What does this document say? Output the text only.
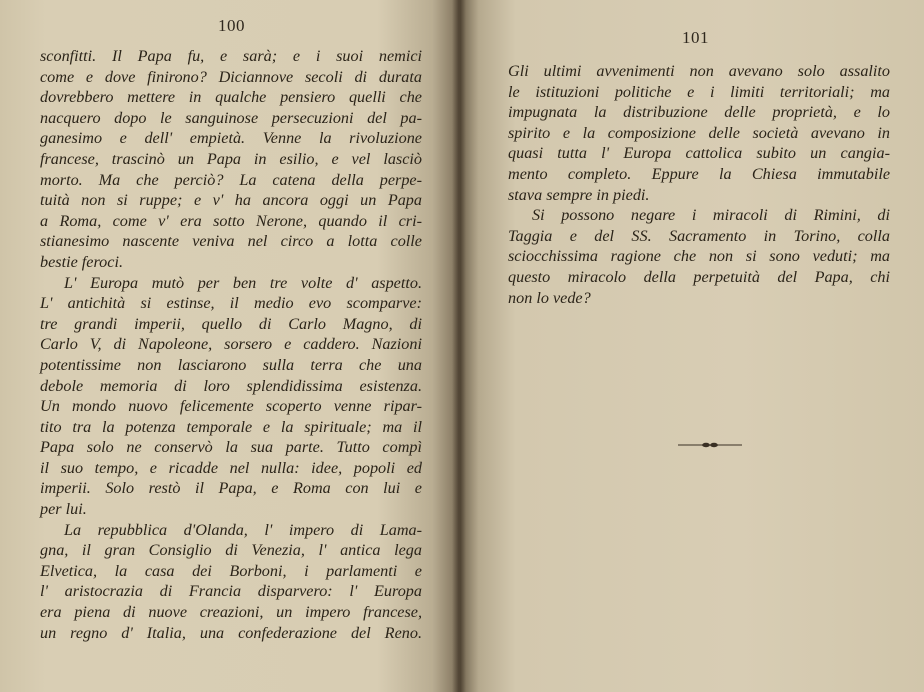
100
sconfitti. Il Papa fu, e sarà; e i suoi nemici
come e dove finirono? Diciannove secoli di durata
dovrebbero mettere in qualche pensiero quelli che
nacquero dopo le sanguinose persecuzioni del pa-
ganesimo e dell' empietà. Venne la rivoluzione
francese, trascinò un Papa in esilio, e vel lasciò
morto. Ma che perciò? La catena della perpe-
tuità non si ruppe; e v' ha ancora oggi un Papa
a Roma, come v' era sotto Nerone, quando il cri-
stianesimo nascente veniva nel circo a lotta colle
bestie feroci.
L' Europa mutò per ben tre volte d' aspetto.
L' antichità si estinse, il medio evo scomparve:
tre grandi imperii, quello di Carlo Magno, di
Carlo V, di Napoleone, sorsero e caddero. Nazioni
potentissime non lasciarono sulla terra che una
debole memoria di loro splendidissima esistenza.
Un mondo nuovo felicemente scoperto venne ripar-
tito tra la potenza temporale e la spirituale; ma il
Papa solo ne conservò la sua parte. Tutto compì
il suo tempo, e ricadde nel nulla: idee, popoli ed
imperii. Solo restò il Papa, e Roma con lui e
per lui.
La repubblica d'Olanda, l' impero di Lama-
gna, il gran Consiglio di Venezia, l' antica lega
Elvetica, la casa dei Borboni, i parlamenti e
l' aristocrazia di Francia disparvero: l' Europa
era piena di nuove creazioni, un impero francese,
un regno d' Italia, una confederazione del Reno.
101
Gli ultimi avvenimenti non avevano solo assalito
le istituzioni politiche e i limiti territoriali; ma
impugnata la distribuzione delle proprietà, e lo
spirito e la composizione delle società avevano in
quasi tutta l' Europa cattolica subito un cangia-
mento completo. Eppure la Chiesa immutabile
stava sempre in piedi.
Si possono negare i miracoli di Rimini, di
Taggia e del SS. Sacramento in Torino, colla
sciocchissima ragione che non si sono veduti; ma
questo miracolo della perpetuità del Papa, chi
non lo vede?
